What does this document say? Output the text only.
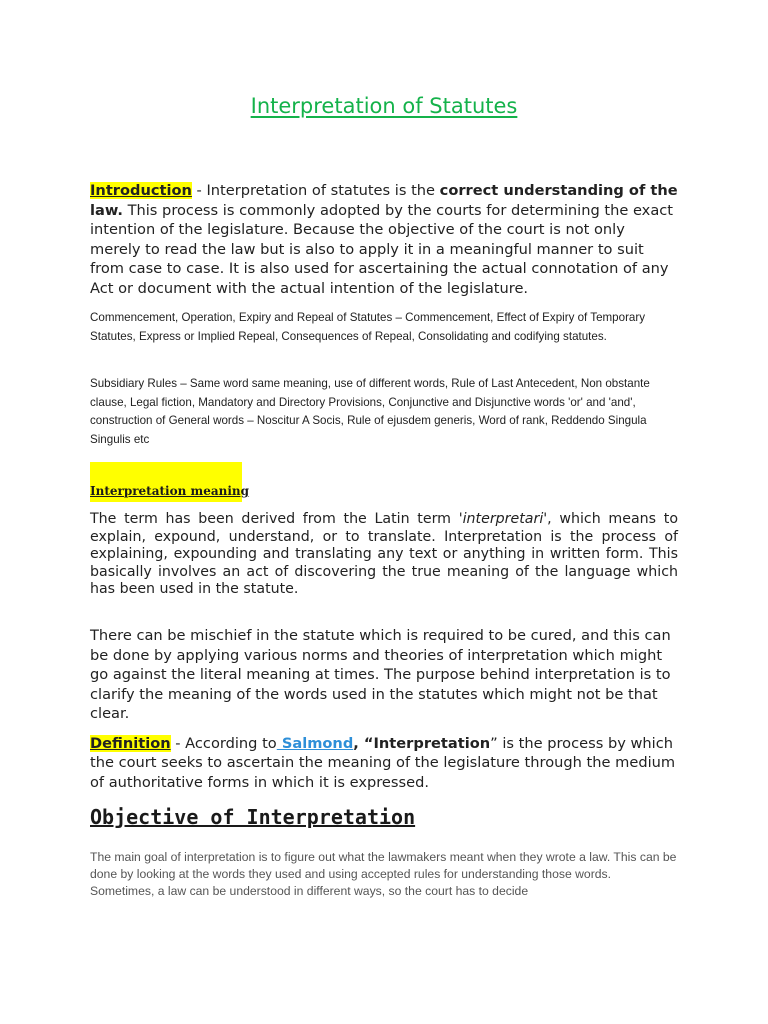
Interpretation of Statutes

Introduction - Interpretation of statutes is the correct understanding of the law. This process is commonly adopted by the courts for determining the exact intention of the legislature. Because the objective of the court is not only merely to read the law but is also to apply it in a meaningful manner to suit from case to case. It is also used for ascertaining the actual connotation of any Act or document with the actual intention of the legislature.

Commencement, Operation, Expiry and Repeal of Statutes – Commencement, Effect of Expiry of Temporary Statutes, Express or Implied Repeal, Consequences of Repeal, Consolidating and codifying statutes.

Subsidiary Rules – Same word same meaning, use of different words, Rule of Last Antecedent, Non obstante clause, Legal fiction, Mandatory and Directory Provisions, Conjunctive and Disjunctive words 'or' and 'and', construction of General words – Noscitur A Socis, Rule of ejusdem generis, Word of rank, Reddendo Singula Singulis etc

Interpretation meaning

The term has been derived from the Latin term 'interpretari', which means to explain, expound, understand, or to translate. Interpretation is the process of explaining, expounding and translating any text or anything in written form. This basically involves an act of discovering the true meaning of the language which has been used in the statute.

There can be mischief in the statute which is required to be cured, and this can be done by applying various norms and theories of interpretation which might go against the literal meaning at times. The purpose behind interpretation is to clarify the meaning of the words used in the statutes which might not be that clear.

Definition - According to Salmond, “Interpretation” is the process by which the court seeks to ascertain the meaning of the legislature through the medium of authoritative forms in which it is expressed.

Objective of Interpretation

The main goal of interpretation is to figure out what the lawmakers meant when they wrote a law. This can be done by looking at the words they used and using accepted rules for understanding those words. Sometimes, a law can be understood in different ways, so the court has to decide
